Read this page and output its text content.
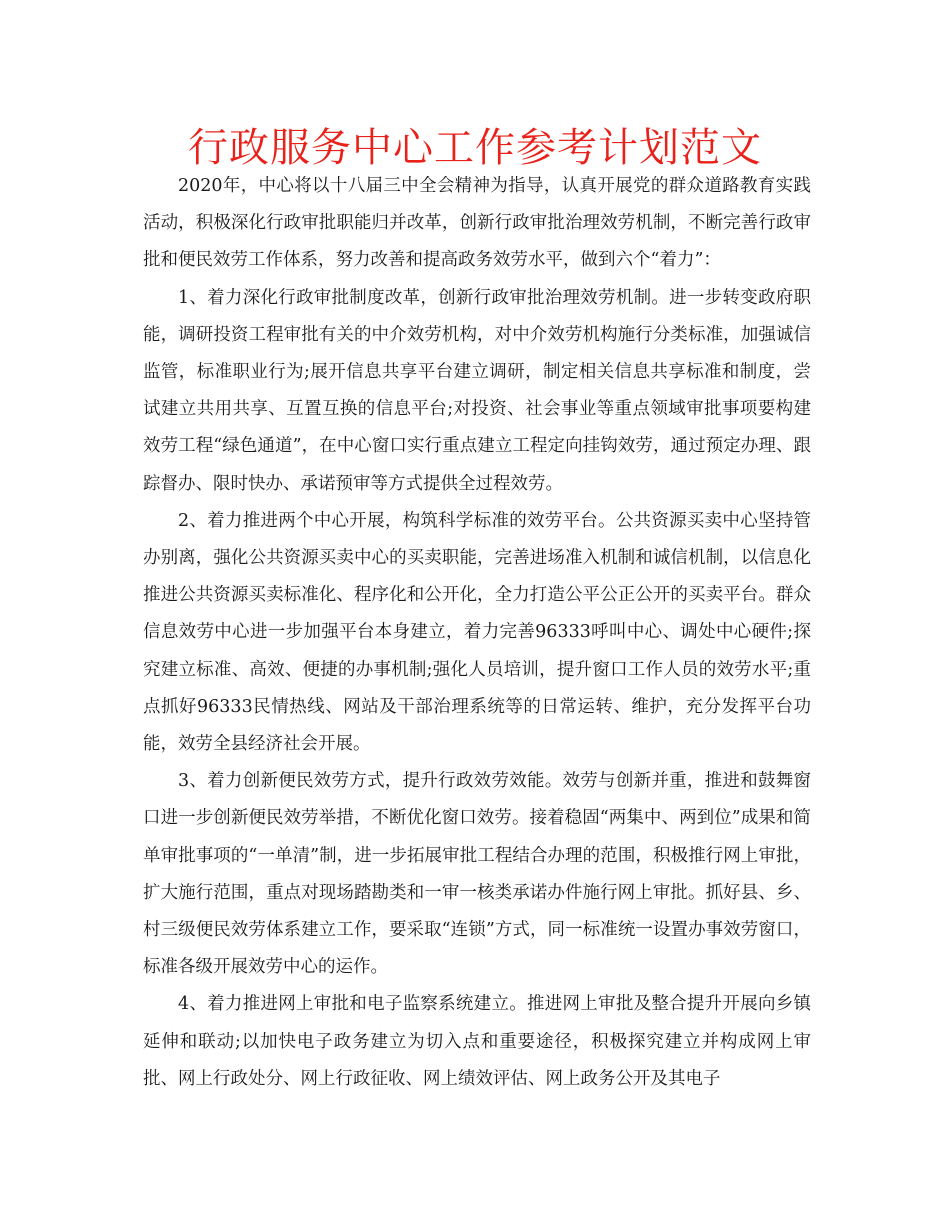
行政服务中心工作参考计划范文

2020年，中心将以十八届三中全会精神为指导，认真开展党的群众道路教育实践活动，积极深化行政审批职能归并改革，创新行政审批治理效劳机制，不断完善行政审批和便民效劳工作体系，努力改善和提高政务效劳水平，做到六个“着力”：

1、着力深化行政审批制度改革，创新行政审批治理效劳机制。进一步转变政府职能，调研投资工程审批有关的中介效劳机构，对中介效劳机构施行分类标准，加强诚信监管，标准职业行为;展开信息共享平台建立调研，制定相关信息共享标准和制度，尝试建立共用共享、互置互换的信息平台;对投资、社会事业等重点领域审批事项要构建效劳工程“绿色通道”，在中心窗口实行重点建立工程定向挂钩效劳，通过预定办理、跟踪督办、限时快办、承诺预审等方式提供全过程效劳。

2、着力推进两个中心开展，构筑科学标准的效劳平台。公共资源买卖中心坚持管办别离，强化公共资源买卖中心的买卖职能，完善进场准入机制和诚信机制，以信息化推进公共资源买卖标准化、程序化和公开化，全力打造公平公正公开的买卖平台。群众信息效劳中心进一步加强平台本身建立，着力完善96333呼叫中心、调处中心硬件;探究建立标准、高效、便捷的办事机制;强化人员培训，提升窗口工作人员的效劳水平;重点抓好96333民情热线、网站及干部治理系统等的日常运转、维护，充分发挥平台功能，效劳全县经济社会开展。

3、着力创新便民效劳方式，提升行政效劳效能。效劳与创新并重，推进和鼓舞窗口进一步创新便民效劳举措，不断优化窗口效劳。接着稳固“两集中、两到位”成果和简单审批事项的“一单清”制，进一步拓展审批工程结合办理的范围，积极推行网上审批，扩大施行范围，重点对现场踏勘类和一审一核类承诺办件施行网上审批。抓好县、乡、村三级便民效劳体系建立工作，要采取“连锁”方式，同一标准统一设置办事效劳窗口，标准各级开展效劳中心的运作。

4、着力推进网上审批和电子监察系统建立。推进网上审批及整合提升开展向乡镇延伸和联动;以加快电子政务建立为切入点和重要途径，积极探究建立并构成网上审批、网上行政处分、网上行政征收、网上绩效评估、网上政务公开及其电子
